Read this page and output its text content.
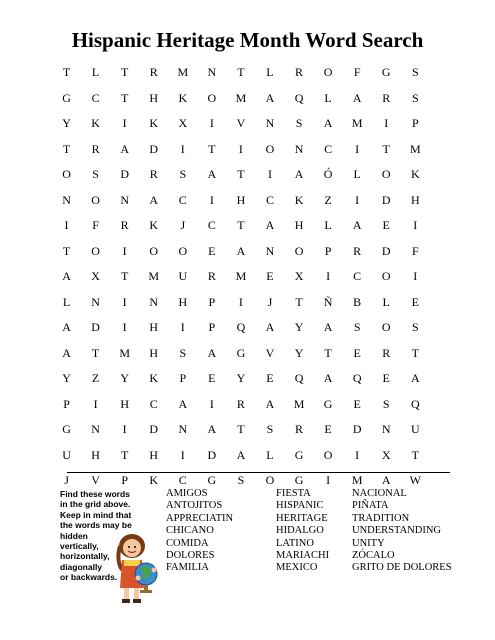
Hispanic Heritage Month Word Search
T	L	T	R	M	N	T	L	R	O	F	G	S
G	C	T	H	K	O	M	A	Q	L	A	R	S
Y	K	I	K	X	I	V	N	S	A	M	I	P
T	R	A	D	I	T	I	O	N	C	I	T	M
O	S	D	R	S	A	T	I	A	Ó	L	O	K
N	O	N	A	C	I	H	C	K	Z	I	D	H
I	F	R	K	J	C	T	A	H	L	A	E	I
T	O	I	O	O	E	A	N	O	P	R	D	F
A	X	T	M	U	R	M	E	X	I	C	O	I
L	N	I	N	H	P	I	J	T	Ñ	B	L	E
A	D	I	H	I	P	Q	A	Y	A	S	O	S
A	T	M	H	S	A	G	V	Y	T	E	R	T
Y	Z	Y	K	P	E	Y	E	Q	A	Q	E	A
P	I	H	C	A	I	R	A	M	G	E	S	Q
G	N	I	D	N	A	T	S	R	E	D	N	U
U	H	T	H	I	D	A	L	G	O	I	X	T
J	V	P	K	C	G	S	O	G	I	M	A	W
Find these words
in the grid above.
Keep in mind that
the words may be
hidden
vertically,
horizontally,
diagonally
or backwards.
AMIGOS
ANTOJITOS
APPRECIATIN
CHICANO
COMIDA
DOLORES
FAMILIA
FIESTA
HISPANIC
HERITAGE
HIDALGO
LATINO
MARIACHI
MEXICO
NACIONAL
PIÑATA
TRADITION
UNDERSTANDING
UNITY
ZÓCALO
GRITO DE DOLORES
